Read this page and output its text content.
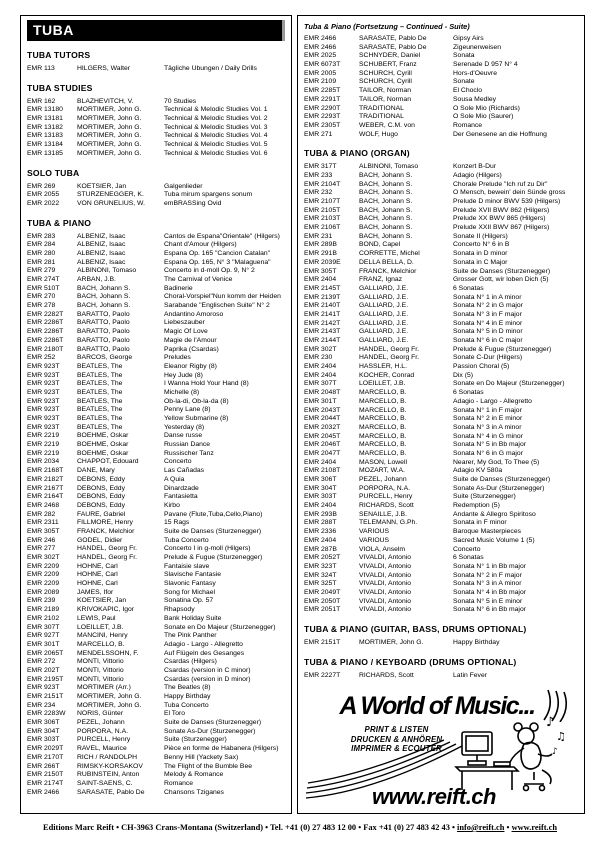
TUBA
TUBA TUTORS
EMR 113	HILGERS, Walter	Tägliche Übungen / Daily Drills
TUBA STUDIES
EMR 162	BLAZHEVITCH, V.	70 Studies
EMR 13180	MORTIMER, John G.	Technical & Melodic Studies Vol. 1
EMR 13181	MORTIMER, John G.	Technical & Melodic Studies Vol. 2
EMR 13182	MORTIMER, John G.	Technical & Melodic Studies Vol. 3
EMR 13183	MORTIMER, John G.	Technical & Melodic Studies Vol. 4
EMR 13184	MORTIMER, John G.	Technical & Melodic Studies Vol. 5
EMR 13185	MORTIMER, John G.	Technical & Melodic Studies Vol. 6
SOLO TUBA
EMR 269	KOETSIER, Jan	Galgenlieder
EMR 2055	STURZENEGGER, K.	Tuba mirum spargens sonum
EMR 2022	VON GRUNELIUS, W.	emBRASSing Ovid
TUBA & PIANO
EMR 283	ALBENIZ, Isaac	Cantos de Espana"Orientale" (Hilgers)
EMR 284	ALBENIZ, Isaac	Chant d'Amour (Hilgers)
EMR 280	ALBENIZ, Isaac	Espana Op. 165 "Cancion Catalan"
EMR 281	ALBENIZ, Isaac	Espana Op. 165, N° 3 "Malaguena"
EMR 279	ALBINONI, Tomaso	Concerto in d-moll Op. 9, N° 2
EMR 274T	ARBAN, J.B.	The Carnival of Venice
EMR 510T	BACH, Johann S.	Badinerie
EMR 270	BACH, Johann S.	Choral-Vorspiel"Nun komm der Heiden
EMR 278	BACH, Johann S.	Sarabande "Englischen Suite" N° 2
EMR 2282T	BARATTO, Paolo	Andantino Amoroso
EMR 2286T	BARATTO, Paolo	Liebeszauber
EMR 2286T	BARATTO, Paolo	Magic Of Love
EMR 2286T	BARATTO, Paolo	Magie de l'Amour
EMR 2180T	BARATTO, Paolo	Paprika (Csardas)
EMR 252	BARCOS, George	Preludes
EMR 923T	BEATLES, The	Eleanor Rigby (8)
EMR 923T	BEATLES, The	Hey Jude (8)
EMR 923T	BEATLES, The	I Wanna Hold Your Hand (8)
EMR 923T	BEATLES, The	Michelle (8)
EMR 923T	BEATLES, The	Ob-la-di, Ob-la-da (8)
EMR 923T	BEATLES, The	Penny Lane (8)
EMR 923T	BEATLES, The	Yellow Submarine (8)
EMR 923T	BEATLES, The	Yesterday (8)
EMR 2219	BOEHME, Oskar	Danse russe
EMR 2219	BOEHME, Oskar	Russian Dance
EMR 2219	BOEHME, Oskar	Russischer Tanz
EMR 2034	CHAPPOT, Edouard	Concerto
EMR 2168T	DANE, Mary	Las Cañadas
EMR 2182T	DEBONS, Eddy	A Quia
EMR 2167T	DEBONS, Eddy	Dinardzade
EMR 2164T	DEBONS, Eddy	Fantasietta
EMR 2468	DEBONS, Eddy	Kirbo
EMR 282	FAURE, Gabriel	Pavane (Flute,Tuba,Cello,Piano)
EMR 2311	FILLMORE, Henry	15 Rags
EMR 305T	FRANCK, Melchior	Suite de Danses (Sturzenegger)
EMR 246	GODEL, Didier	Tuba Concerto
EMR 277	HÄNDEL, Georg Fr.	Concerto I in g-moll (Hilgers)
EMR 302T	HÄNDEL, Georg Fr.	Prelude & Fugue (Sturzenegger)
EMR 2209	HÖHNE, Carl	Fantaisie slave
EMR 2209	HÖHNE, Carl	Slavische Fantasie
EMR 2209	HÖHNE, Carl	Slavonic Fantasy
EMR 2089	JAMES, Ifor	Song for Michael
EMR 239	KOETSIER, Jan	Sonatina Op. 57
EMR 2189	KRIVOKAPIC, Igor	Rhapsody
EMR 2102	LEWIS, Paul	Bank Holiday Suite
EMR 307T	LOEILLET, J.B.	Sonate en Do Majeur (Sturzenegger)
EMR 927T	MANCINI, Henry	The Pink Panther
EMR 301T	MARCELLO, B.	Adagio - Largo - Allegretto
EMR 2065T	MENDELSSOHN, F.	Auf Flügeln des Gesanges
EMR 272	MONTI, Vittorio	Csardas (Hilgers)
EMR 202T	MONTI, Vittorio	Csardas (version in C minor)
EMR 2195T	MONTI, Vittorio	Csardas (version in D minor)
EMR 923T	MORTIMER (Arr.)	The Beatles (8)
EMR 2151T	MORTIMER, John G.	Happy Birthday
EMR 234	MORTIMER, John G.	Tuba Concerto
EMR 2283W	NORIS, Günter	El Toro
EMR 306T	PEZEL, Johann	Suite de Danses (Sturzenegger)
EMR 304T	PORPORA, N.A.	Sonate As-Dur (Sturzenegger)
EMR 303T	PURCELL, Henry	Suite (Sturzenegger)
EMR 2029T	RAVEL, Maurice	Pièce en forme de Habanera (Hilgers)
EMR 2170T	RICH / RANDOLPH	Benny Hill (Yackety Sax)
EMR 266T	RIMSKY-KORSAKOV	The Flight of the Bumble Bee
EMR 2150T	RUBINSTEIN, Anton	Melody & Romance
EMR 2174T	SAINT-SAENS, C.	Romance
EMR 2466	SARASATE, Pablo De	Chansons Tziganes
Tuba & Piano (Fortsetzung – Continued - Suite)
EMR 2466	SARASATE, Pablo De	Gipsy Airs
EMR 2466	SARASATE, Pablo De	Zigeunerweisen
EMR 2025	SCHNYDER, Daniel	Sonata
EMR 6073T	SCHUBERT, Franz	Serenade D 957 N° 4
EMR 2005	SCHÜRCH, Cyrill	Hors-d'Oeuvre
EMR 2109	SCHÜRCH, Cyrill	Sonate
EMR 2285T	TAILOR, Norman	El Choclo
EMR 2291T	TAILOR, Norman	Sousa Medley
EMR 2290T	TRADITIONAL	O Sole Mio (Richards)
EMR 2293T	TRADITIONAL	O Sole Mio (Saurer)
EMR 2305T	WEBER, C.M. von	Romance
EMR 271	WOLF, Hugo	Der Genesene an die Hoffnung
TUBA & PIANO (ORGAN)
EMR 317T	ALBINONI, Tomaso	Konzert B-Dur
EMR 233	BACH, Johann S.	Adagio (Hilgers)
EMR 2104T	BACH, Johann S.	Chorale Prelude "Ich ruf zu Dir"
EMR 232	BACH, Johann S.	O Mensch, bewein' dein Sünde gross
EMR 2107T	BACH, Johann S.	Prelude D minor BWV 539 (Hilgers)
EMR 2105T	BACH, Johann S.	Prelude XVII BWV 862 (Hilgers)
EMR 2103T	BACH, Johann S.	Prelude XX BWV 865 (Hilgers)
EMR 2106T	BACH, Johann S.	Prelude XXII BWV 867 (Hilgers)
EMR 231	BACH, Johann S.	Sonate II (Hilgers)
EMR 289B	BOND, Capel	Concerto N° 6 in B
EMR 291B	CORRETTE, Michel	Sonata in D minor
EMR 2039E	DELLA BELLA, D.	Sonata in C Major
EMR 305T	FRANCK, Melchior	Suite de Danses (Sturzenegger)
EMR 2404	FRANZ, Ignaz	Grosser Gott, wir loben Dich (5)
EMR 2145T	GALLIARD, J.E.	6 Sonatas
EMR 2139T	GALLIARD, J.E.	Sonata N° 1 in A minor
EMR 2140T	GALLIARD, J.E.	Sonata N° 2 in G major
EMR 2141T	GALLIARD, J.E.	Sonata N° 3 in F major
EMR 2142T	GALLIARD, J.E.	Sonata N° 4 in E minor
EMR 2143T	GALLIARD, J.E.	Sonata N° 5 in D minor
EMR 2144T	GALLIARD, J.E.	Sonata N° 6 in C major
EMR 302T	HÄNDEL, Georg Fr.	Prelude & Fugue (Sturzenegger)
EMR 230	HÄNDEL, Georg Fr.	Sonate C-Dur (Hilgers)
EMR 2404	HASSLER, H.L.	Passion Choral (5)
EMR 2404	KOCHER, Conrad	Dix (5)
EMR 307T	LOEILLET, J.B.	Sonate en Do Majeur (Sturzenegger)
EMR 2048T	MARCELLO, B.	6 Sonatas
EMR 301T	MARCELLO, B.	Adagio - Largo - Allegretto
EMR 2043T	MARCELLO, B.	Sonata N° 1 in F major
EMR 2044T	MARCELLO, B.	Sonata N° 2 in E minor
EMR 2032T	MARCELLO, B.	Sonata N° 3 in A minor
EMR 2045T	MARCELLO, B.	Sonata N° 4 in G minor
EMR 2046T	MARCELLO, B.	Sonata N° 5 in Bb major
EMR 2047T	MARCELLO, B.	Sonata N° 6 in G major
EMR 2404	MASON, Lowell	Nearer, My God, To Thee (5)
EMR 2108T	MOZART, W.A.	Adagio KV 580a
EMR 306T	PEZEL, Johann	Suite de Danses (Sturzenegger)
EMR 304T	PORPORA, N.A.	Sonate As-Dur (Sturzenegger)
EMR 303T	PURCELL, Henry	Suite (Sturzenegger)
EMR 2404	RICHARDS, Scott	Redemption (5)
EMR 293B	SENAILLE, J.B.	Andante & Allegro Spiritoso
EMR 288T	TELEMANN, G.Ph.	Sonata in F minor
EMR 2336	VARIOUS	Baroque Masterpieces
EMR 2404	VARIOUS	Sacred Music Volume 1 (5)
EMR 287B	VIOLA, Anselm	Concerto
EMR 2052T	VIVALDI, Antonio	6 Sonatas
EMR 323T	VIVALDI, Antonio	Sonata N° 1 in Bb major
EMR 324T	VIVALDI, Antonio	Sonata N° 2 in F major
EMR 325T	VIVALDI, Antonio	Sonata N° 3 in A minor
EMR 2049T	VIVALDI, Antonio	Sonata N° 4 in Bb major
EMR 2050T	VIVALDI, Antonio	Sonata N° 5 in E minor
EMR 2051T	VIVALDI, Antonio	Sonata N° 6 in Bb major
TUBA & PIANO (GUITAR, BASS, DRUMS OPTIONAL)
EMR 2151T	MORTIMER, John G.	Happy Birthday
TUBA & PIANO / KEYBOARD (DRUMS OPTIONAL)
EMR 2227T	RICHARDS, Scott	Latin Fever
A World of Music...
PRINT & LISTEN
DRUCKEN & ANHÖREN
IMPRIMER & ECOUTER
♪
♫
♪
www.reift.ch
Editions Marc Reift • CH-3963 Crans-Montana (Switzerland) • Tel. +41 (0) 27 483 12 00 • Fax +41 (0) 27 483 42 43 • info@reift.ch • www.reift.ch
